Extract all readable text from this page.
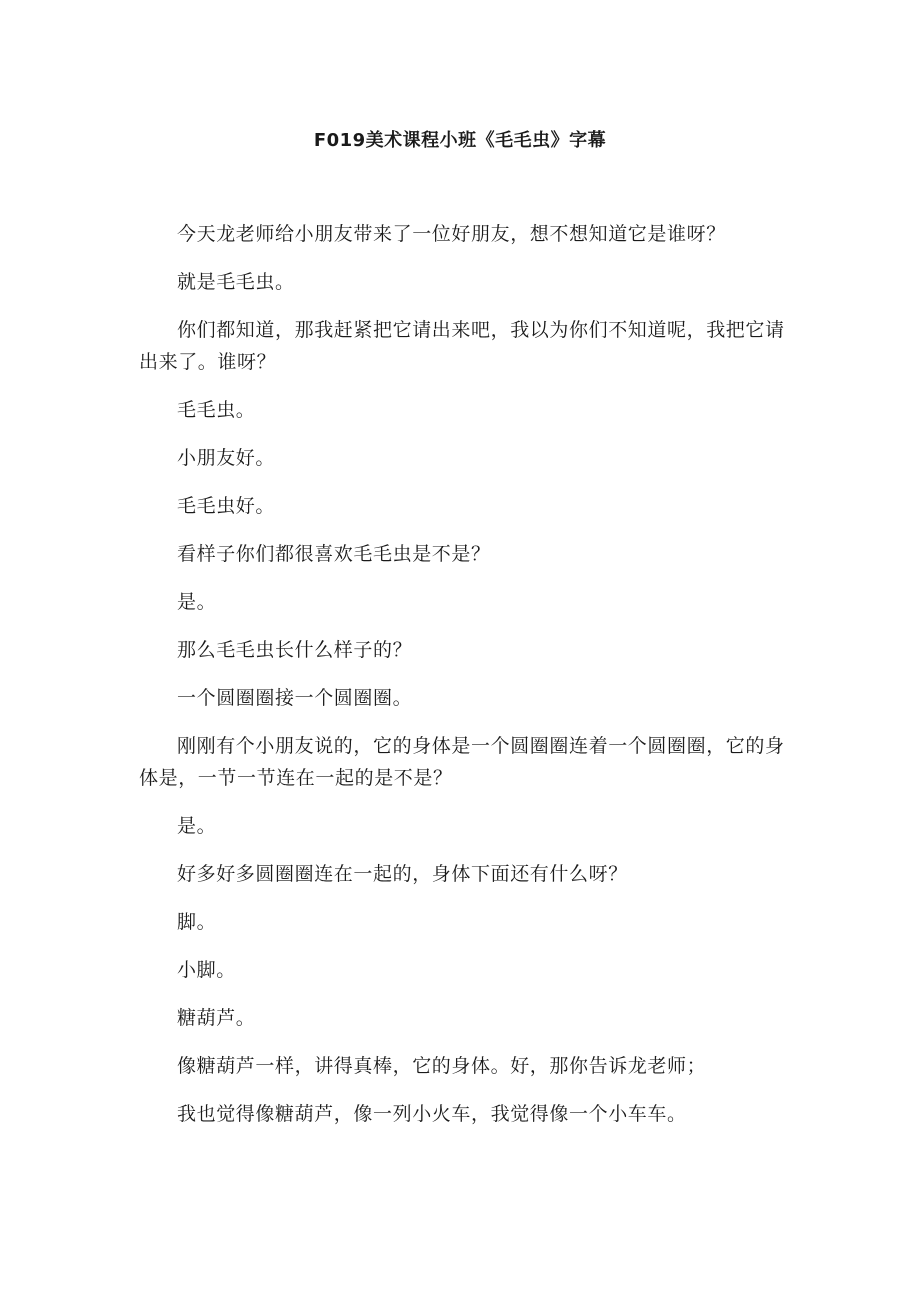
F019美术课程小班《毛毛虫》字幕

今天龙老师给小朋友带来了一位好朋友，想不想知道它是谁呀？

就是毛毛虫。

你们都知道，那我赶紧把它请出来吧，我以为你们不知道呢，我把它请出来了。谁呀？

毛毛虫。

小朋友好。

毛毛虫好。

看样子你们都很喜欢毛毛虫是不是？

是。

那么毛毛虫长什么样子的？

一个圆圈圈接一个圆圈圈。

刚刚有个小朋友说的，它的身体是一个圆圈圈连着一个圆圈圈，它的身体是，一节一节连在一起的是不是？

是。

好多好多圆圈圈连在一起的，身体下面还有什么呀？

脚。

小脚。

糖葫芦。

像糖葫芦一样，讲得真棒，它的身体。好，那你告诉龙老师；

我也觉得像糖葫芦，像一列小火车，我觉得像一个小车车。
